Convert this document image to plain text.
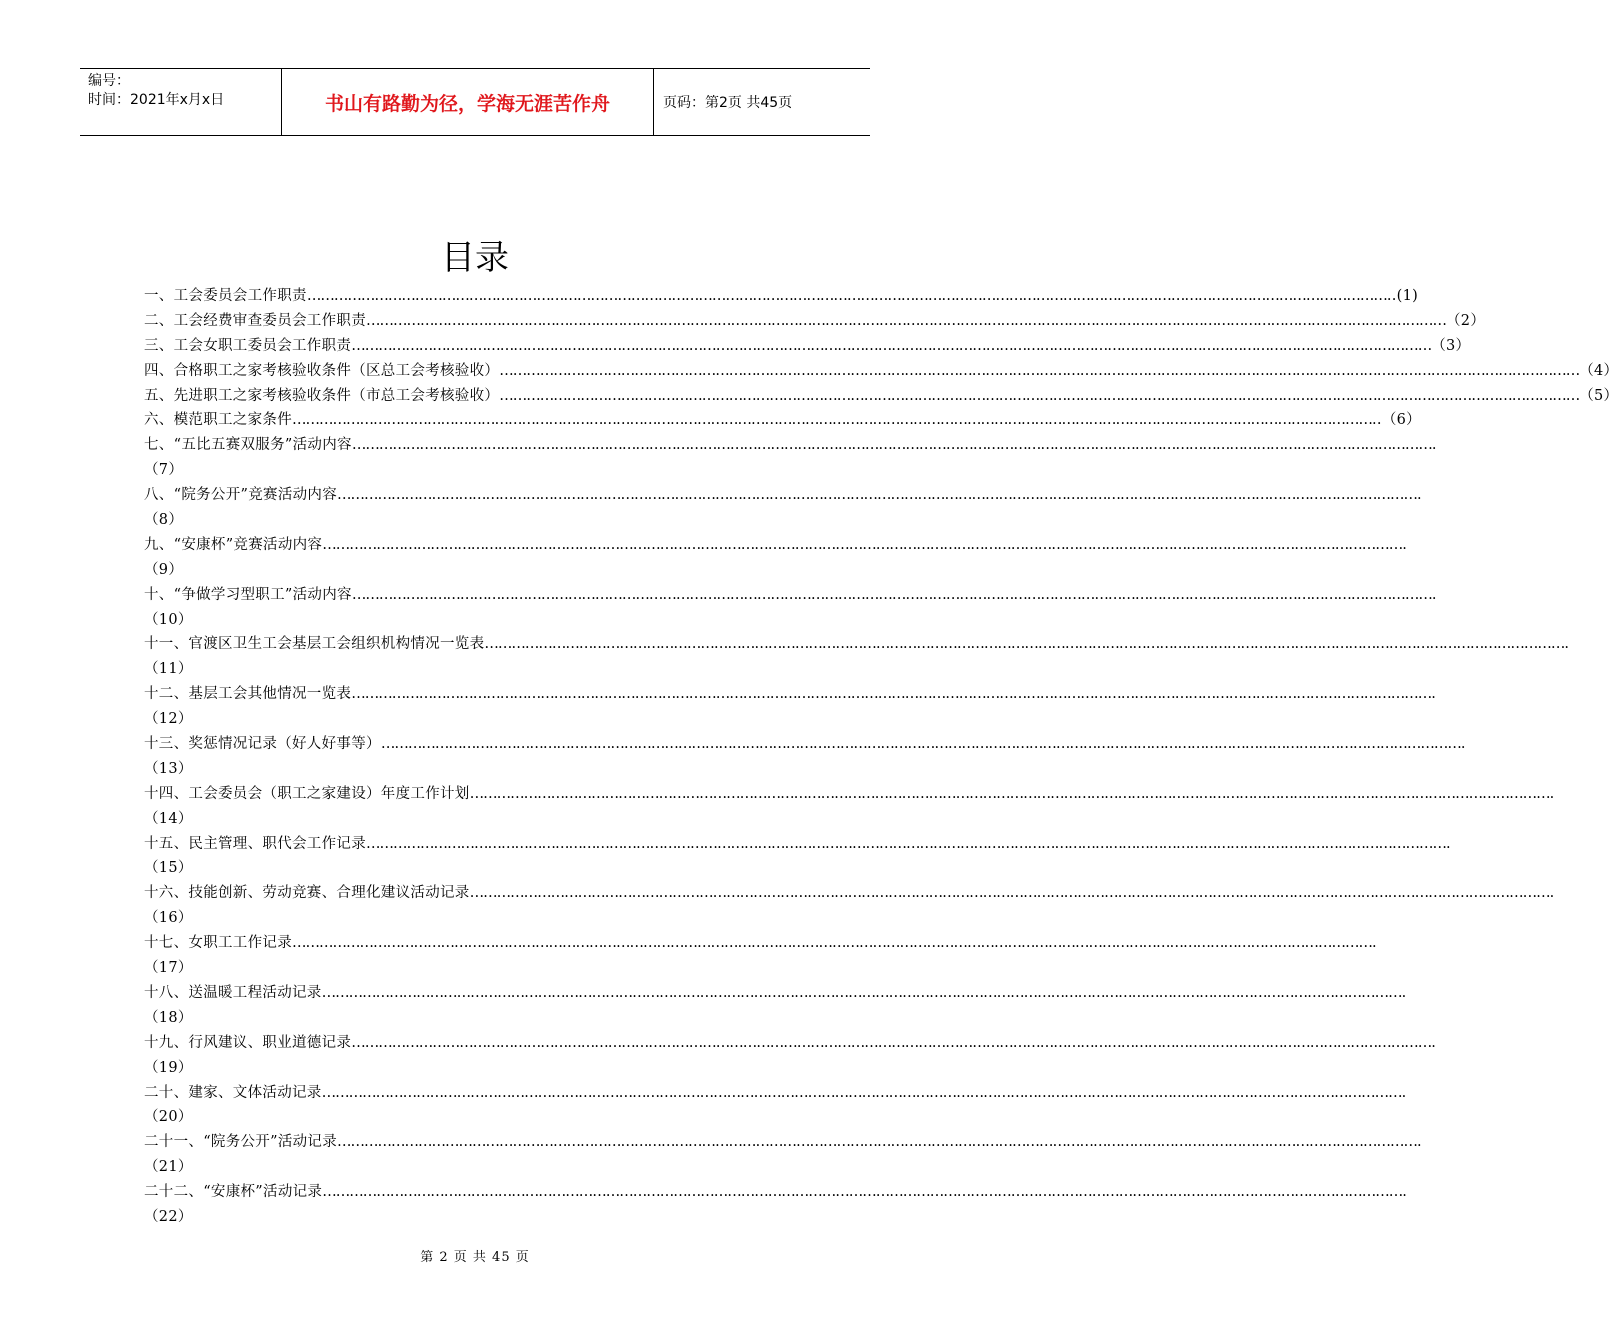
编号：
时间：2021年x月x日	书山有路勤为径，学海无涯苦作舟	页码：第2页 共45页
目录
一、工会委员会工作职责 …………………………………………………………………………………………………………………………………………………………………………………………………………………… ..(1)
二、工会经费审查委员会工作职责 …………………………………………………………………………………………………………………………………………………………………………………………………………………… （2）
三、工会女职工委员会工作职责 …………………………………………………………………………………………………………………………………………………………………………………………………………………… （3）
四、合格职工之家考核验收条件（区总工会考核验收） …………………………………………………………………………………………………………………………………………………………………………………………………………………… （4）
五、先进职工之家考核验收条件（市总工会考核验收） …………………………………………………………………………………………………………………………………………………………………………………………………………………… （5）
六、模范职工之家条件 …………………………………………………………………………………………………………………………………………………………………………………………………………………… ..（6）
七、“五比五赛双服务”活动内容 …………………………………………………………………………………………………………………………………………………………………………………………………………………… .
（7）
八、“院务公开”竞赛活动内容 …………………………………………………………………………………………………………………………………………………………………………………………………………………… .
（8）
九、“安康杯”竞赛活动内容 …………………………………………………………………………………………………………………………………………………………………………………………………………………… .
（9）
十、“争做学习型职工”活动内容 …………………………………………………………………………………………………………………………………………………………………………………………………………………… .
（10）
十一、官渡区卫生工会基层工会组织机构情况一览表 …………………………………………………………………………………………………………………………………………………………………………………………………………………… .
（11）
十二、基层工会其他情况一览表 …………………………………………………………………………………………………………………………………………………………………………………………………………………… .
（12）
十三、奖惩情况记录（好人好事等） …………………………………………………………………………………………………………………………………………………………………………………………………………………… .
（13）
十四、工会委员会（职工之家建设）年度工作计划 …………………………………………………………………………………………………………………………………………………………………………………………………………………… .
（14）
十五、民主管理、职代会工作记录 …………………………………………………………………………………………………………………………………………………………………………………………………………………… .
（15）
十六、技能创新、劳动竞赛、合理化建议活动记录 …………………………………………………………………………………………………………………………………………………………………………………………………………………… .
（16）
十七、女职工工作记录 …………………………………………………………………………………………………………………………………………………………………………………………………………………… .
（17）
十八、送温暖工程活动记录 …………………………………………………………………………………………………………………………………………………………………………………………………………………… .
（18）
十九、行风建议、职业道德记录 …………………………………………………………………………………………………………………………………………………………………………………………………………………… .
（19）
二十、建家、文体活动记录 …………………………………………………………………………………………………………………………………………………………………………………………………………………… .
（20）
二十一、“院务公开”活动记录 …………………………………………………………………………………………………………………………………………………………………………………………………………………… .
（21）
二十二、“安康杯”活动记录 …………………………………………………………………………………………………………………………………………………………………………………………………………………… .
（22）
第 2 页 共 45 页
